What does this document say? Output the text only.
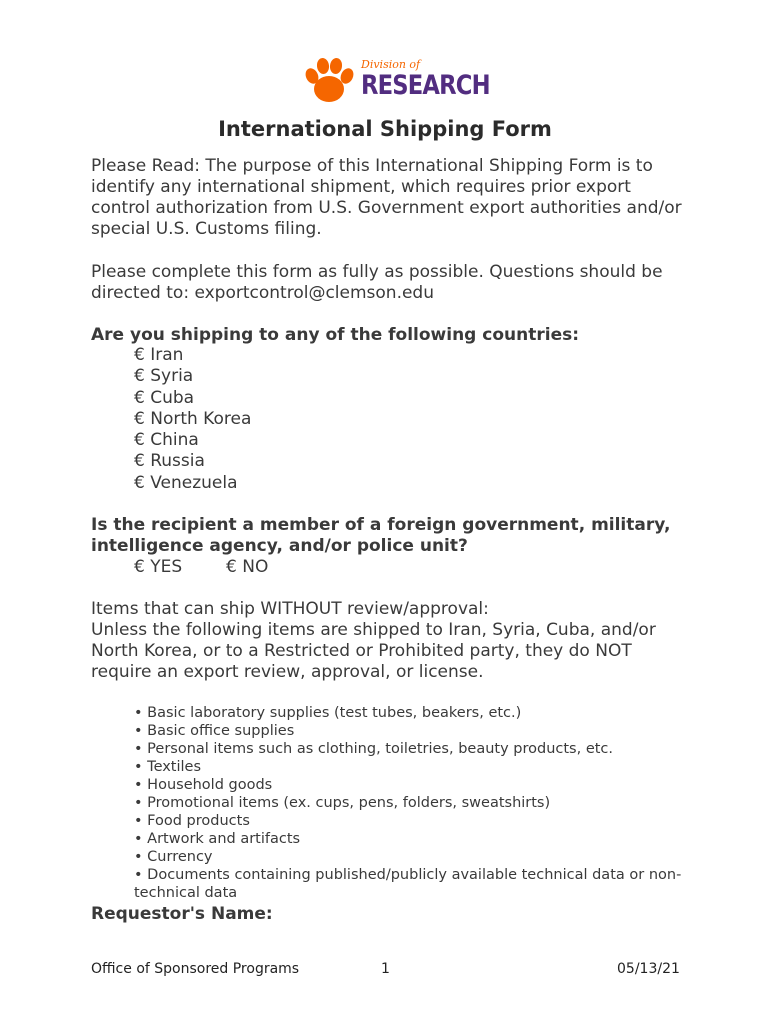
Division of
RESEARCH
International Shipping Form
Please Read: The purpose of this International Shipping Form is to identify any international shipment, which requires prior export control authorization from U.S. Government export authorities and/or special U.S. Customs filing.
Please complete this form as fully as possible. Questions should be directed to: exportcontrol@clemson.edu
Are you shipping to any of the following countries:
€ Iran
€ Syria
€ Cuba
€ North Korea
€ China
€ Russia
€ Venezuela
Is the recipient a member of a foreign government, military, intelligence agency, and/or police unit?
€ YES	€ NO
Items that can ship WITHOUT review/approval:
Unless the following items are shipped to Iran, Syria, Cuba, and/or North Korea, or to a Restricted or Prohibited party, they do NOT require an export review, approval, or license.
• Basic laboratory supplies (test tubes, beakers, etc.)
• Basic office supplies
• Personal items such as clothing, toiletries, beauty products, etc.
• Textiles
• Household goods
• Promotional items (ex. cups, pens, folders, sweatshirts)
• Food products
• Artwork and artifacts
• Currency
• Documents containing published/publicly available technical data or non-technical data
Requestor's Name:
Office of Sponsored Programs	1	05/13/21
